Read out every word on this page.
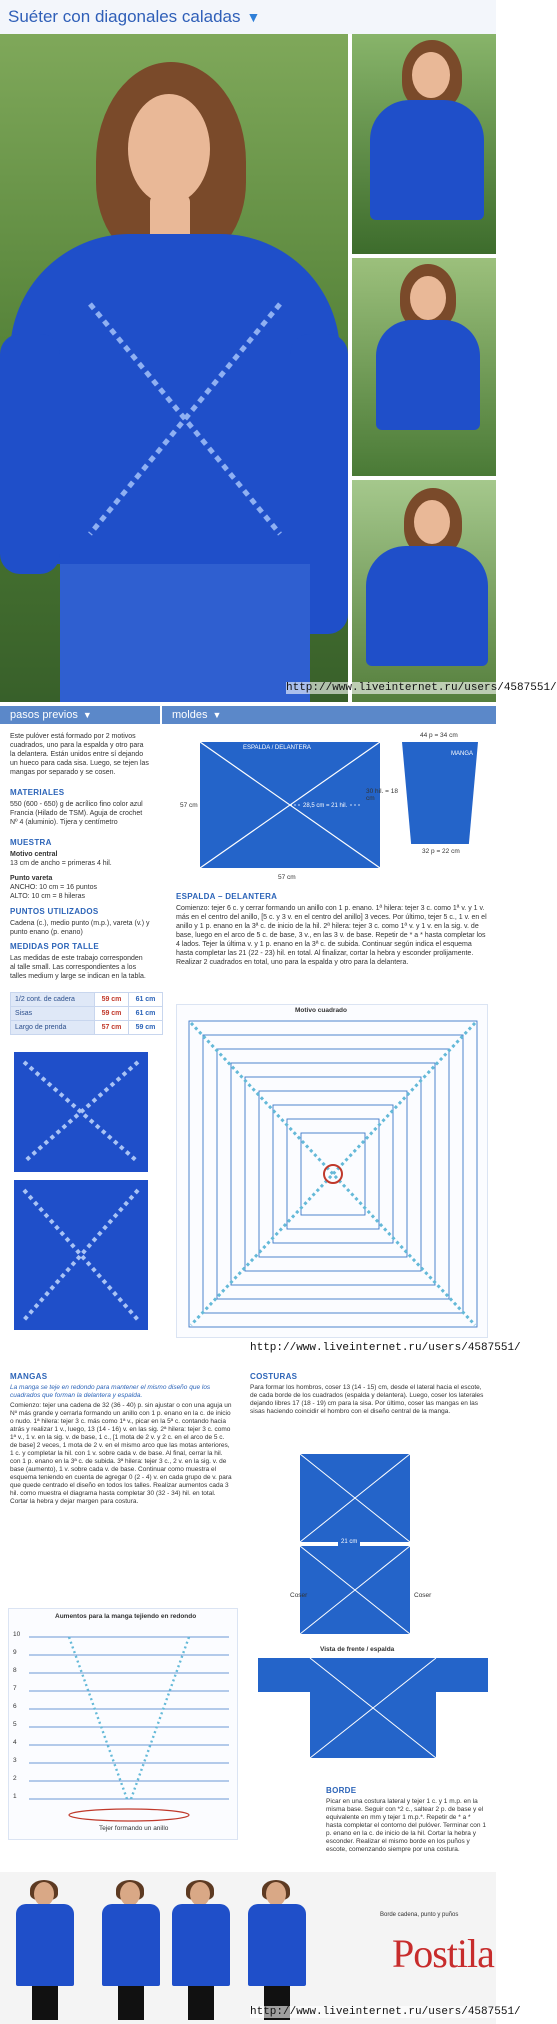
Suéter con diagonales caladas ▼
http://www.liveinternet.ru/users/4587551/
pasos previos ▼	moldes ▼
Este pulóver está formado por 2 motivos cuadrados, uno para la espalda y otro para la delantera. Están unidos entre sí dejando un hueco para cada sisa. Luego, se tejen las mangas por separado y se cosen.
MATERIALES
550 (600 - 650) g de acrílico fino color azul Francia (Hilado de TSM). Aguja de crochet Nº 4 (aluminio). Tijera y centímetro
MUESTRA
Motivo central
13 cm de ancho = primeras 4 hil.
Punto vareta
ANCHO: 10 cm = 16 puntos
ALTO: 10 cm = 8 hileras
PUNTOS UTILIZADOS
Cadena (c.), medio punto (m.p.), vareta (v.) y punto enano (p. enano)
MEDIDAS POR TALLE
Las medidas de este trabajo corresponden al talle small. Las correspondientes a los talles medium y large se indican en la tabla.
1/2 cont. de cadera	59 cm	61 cm
Sisas	59 cm	61 cm
Largo de prenda	57 cm	59 cm
ESPALDA / DELANTERA
28,5 cm = 21 hil.
57 cm
57 cm
MANGA
44 p = 34 cm
30 hil. = 18 cm
32 p = 22 cm
ESPALDA – DELANTERA
Comienzo: tejer 6 c. y cerrar formando un anillo con 1 p. enano. 1ª hilera: tejer 3 c. como 1ª v. y 1 v. más en el centro del anillo, [5 c. y 3 v. en el centro del anillo] 3 veces. Por último, tejer 5 c., 1 v. en el anillo y 1 p. enano en la 3ª c. de inicio de la hil. 2ª hilera: tejer 3 c. como 1ª v. y 1 v. en la sig. v. de base, luego en el arco de 5 c. de base, 3 v., en las 3 v. de base. Repetir de * a * hasta completar los 4 lados. Tejer la última v. y 1 p. enano en la 3ª c. de subida. Continuar según indica el esquema hasta completar las 21 (22 - 23) hil. en total. Al finalizar, cortar la hebra y esconder prolijamente. Realizar 2 cuadrados en total, uno para la espalda y otro para la delantera.
Motivo cuadrado
http://www.liveinternet.ru/users/4587551/
MANGAS
La manga se teje en redondo para mantener el mismo diseño que los cuadrados que forman la delantera y espalda.
Comienzo: tejer una cadena de 32 (36 - 40) p. sin ajustar o con una aguja un Nº más grande y cerrarla formando un anillo con 1 p. enano en la c. de inicio o nudo. 1ª hilera: tejer 3 c. más como 1ª v., picar en la 5ª c. contando hacia atrás y realizar 1 v., luego, 13 (14 - 16) v. en las sig. 2ª hilera: tejer 3 c. como 1ª v., 1 v. en la sig. v. de base, 1 c., [1 mota de 2 v. y 2 c. en el arco de 5 c. de base] 2 veces, 1 mota de 2 v. en el mismo arco que las motas anteriores, 1 c. y completar la hil. con 1 v. sobre cada v. de base. Al final, cerrar la hil. con 1 p. enano en la 3ª c. de subida. 3ª hilera: tejer 3 c., 2 v. en la sig. v. de base (aumento), 1 v. sobre cada v. de base. Continuar como muestra el esquema teniendo en cuenta de agregar 0 (2 - 4) v. en cada grupo de v. para que quede centrado el diseño en todos los talles. Realizar aumentos cada 3 hil. como muestra el diagrama hasta completar 30 (32 - 34) hil. en total. Cortar la hebra y dejar margen para costura.
COSTURAS
Para formar los hombros, coser 13 (14 - 15) cm, desde el lateral hacia el escote, de cada borde de los cuadrados (espalda y delantera). Luego, coser los laterales dejando libres 17 (18 - 19) cm para la sisa. Por último, coser las mangas en las sisas haciendo coincidir el hombro con el diseño central de la manga.
Aumentos para la manga tejiendo en redondo
10
9
8
7
6
5
4
3
2
1
Tejer formando un anillo
21 cm
Coser	Coser
Vista de frente / espalda
BORDE
Picar en una costura lateral y tejer 1 c. y 1 m.p. en la misma base. Seguir con *2 c., saltear 2 p. de base y el equivalente en mm y tejer 1 m.p.*. Repetir de * a * hasta completar el contorno del pulóver. Terminar con 1 p. enano en la c. de inicio de la hil. Cortar la hebra y esconder. Realizar el mismo borde en los puños y escote, comenzando siempre por una costura.
Borde cadena, punto y puños
Postila
http://www.liveinternet.ru/users/4587551/
